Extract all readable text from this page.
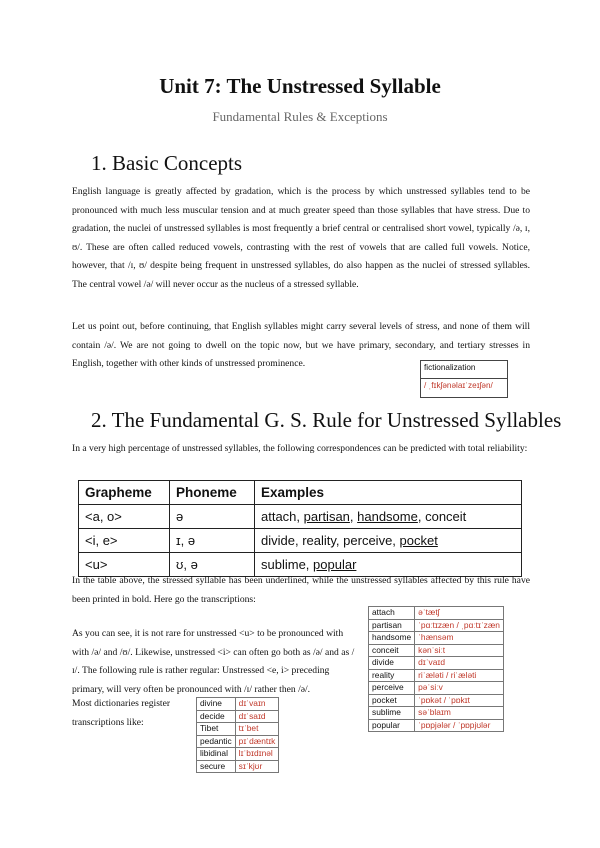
Unit 7: The Unstressed Syllable
Fundamental Rules & Exceptions
1. Basic Concepts
English language is greatly affected by gradation, which is the process by which unstressed syllables tend to be pronounced with much less muscular tension and at much greater speed than those syllables that have stress. Due to gradation, the nuclei of unstressed syllables is most frequently a brief central or centralised short vowel, typically /ə, ɪ, ʊ/. These are often called reduced vowels, contrasting with the rest of vowels that are called full vowels. Notice, however, that /ɪ, ʊ/ despite being frequent in unstressed syllables, do also happen as the nuclei of stressed syllables. The central vowel /ə/ will never occur as the nucleus of a stressed syllable.
Let us point out, before continuing, that English syllables might carry several levels of stress, and none of them will contain /ə/. We are not going to dwell on the topic now, but we have primary, secondary, and tertiary stresses in English, together with other kinds of unstressed prominence.	fictionalization
/ ˌfɪkʃənəlaɪˈzeɪʃən/
2. The Fundamental G. S. Rule for Unstressed Syllables
In a very high percentage of unstressed syllables, the following correspondences can be predicted with total reliability:
Grapheme	Phoneme	Examples
<a, o>	ə	attach, partisan, handsome, conceit
<i, e>	ɪ, ə	divide, reality, perceive, pocket
<u>	ʊ, ə	sublime, popular
In the table above, the stressed syllable has been underlined, while the unstressed syllables affected by this rule have been printed in bold. Here go the transcriptions:
As you can see, it is not rare for unstressed <u> to be pronounced with with /ə/ and /ʊ/. Likewise, unstressed <i> can often go both as /ə/ and as /ɪ/. The following rule is rather regular: Unstressed <e, i> preceding primary, will very often be pronounced with /ɪ/ rather then /ə/.
Most dictionaries register transcriptions like:
attach	əˈtætʃ
partisan	ˈpɑːtɪzæn / ˌpɑːtɪˈzæn
handsome	ˈhænsəm
conceit	kənˈsiːt
divide	dɪˈvaɪd
reality	riˈæləti / riˈæləti
perceive	pəˈsiːv
pocket	ˈpɒkət / ˈpɒkɪt
sublime	səˈblaɪm
popular	ˈpɒpjələr / ˈpɒpjʊlər
divine	dɪˈvaɪn
decide	dɪˈsaɪd
Tibet	tɪˈbet
pedantic	pɪˈdæntɪk
libidinal	lɪˈbɪdɪnəl
secure	sɪˈkjʊr
